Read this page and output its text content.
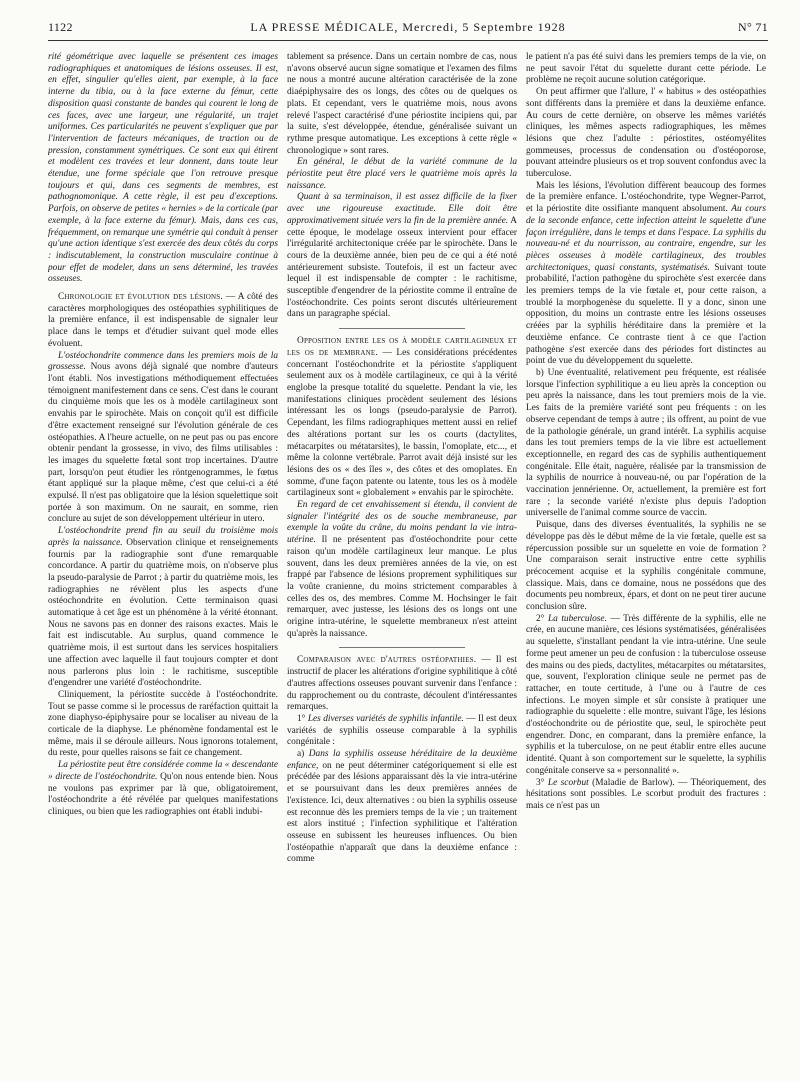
1122	LA PRESSE MÉDICALE, Mercredi, 5 Septembre 1928	N° 71

rité géométrique avec laquelle se présentent ces images radiographiques et anatomiques de lésions osseuses. Il est, en effet, singulier qu'elles aient, par exemple, à la face interne du tibia, ou à la face externe du fémur, cette disposition quasi constante de bandes qui courent le long de ces faces, avec une largeur, une régularité, un trajet uniformes. Ces particularités ne peuvent s'expliquer que par l'intervention de facteurs mécaniques, de traction ou de pression, constamment symétriques. Ce sont eux qui étirent et modèlent ces travées et leur donnent, dans toute leur étendue, une forme spéciale que l'on retrouve presque toujours et qui, dans ces segments de membres, est pathognomonique. A cette règle, il est peu d'exceptions. Parfois, on observe de petites « hernies » de la corticale (par exemple, à la face externe du fémur). Mais, dans ces cas, fréquemment, on remarque une symétrie qui conduit à penser qu'une action identique s'est exercée des deux côtés du corps : indiscutablement, la construction musculaire continue à pour effet de modeler, dans un sens déterminé, les travées osseuses.

Chronologie et évolution des lésions. — A côté des caractères morphologiques des ostéopathies syphilitiques de la première enfance, il est indispensable de signaler leur place dans le temps et d'étudier suivant quel mode elles évoluent.

L'ostéochondrite commence dans les premiers mois de la grossesse. Nous avons déjà signalé que nombre d'auteurs l'ont établi. Nos investigations méthodiquement effectuées témoignent manifestement dans ce sens. C'est dans le courant du cinquième mois que les os à modèle cartilagineux sont envahis par le spirochète. Mais on conçoit qu'il est difficile d'être exactement renseigné sur l'évolution générale de ces ostéopathies. A l'heure actuelle, on ne peut pas ou pas encore obtenir pendant la grossesse, in vivo, des films utilisables : les images du squelette fœtal sont trop incertaines. D'autre part, lorsqu'on peut étudier les röntgenogrammes, le fœtus étant appliqué sur la plaque même, c'est que celui-ci a été expulsé. Il n'est pas obligatoire que la lésion squelettique soit portée à son maximum. On ne saurait, en somme, rien conclure au sujet de son développement ultérieur in utero.

L'ostéochondrite prend fin au seuil du troisième mois après la naissance. Observation clinique et renseignements fournis par la radiographie sont d'une remarquable concordance. A partir du quatrième mois, on n'observe plus la pseudo-paralysie de Parrot ; à partir du quatrième mois, les radiographies ne révèlent plus les aspects d'une ostéochondrite en évolution. Cette terminaison quasi automatique à cet âge est un phénomène à la vérité étonnant. Nous ne savons pas en donner des raisons exactes. Mais le fait est indiscutable. Au surplus, quand commence le quatrième mois, il est surtout dans les services hospitaliers une affection avec laquelle il faut toujours compter et dont nous parlerons plus loin : le rachitisme, susceptible d'engendrer une variété d'ostéochondrite.

Cliniquement, la périostite succède à l'ostéochondrite. Tout se passe comme si le processus de raréfaction quittait la zone diaphyso-épiphysaire pour se localiser au niveau de la corticale de la diaphyse. Le phénomène fondamental est le même, mais il se déroule ailleurs. Nous ignorons totalement, du reste, pour quelles raisons se fait ce changement.

La périostite peut être considérée comme la « descendante » directe de l'ostéochondrite. Qu'on nous entende bien. Nous ne voulons pas exprimer par là que, obligatoirement, l'ostéochondrite a été révélée par quelques manifestations cliniques, ou bien que les radiographies ont établi indubi-

tablement sa présence. Dans un certain nombre de cas, nous n'avons observé aucun signe somatique et l'examen des films ne nous a montré aucune altération caractérisée de la zone diaépiphysaire des os longs, des côtes ou de quelques os plats. Et cependant, vers le quatrième mois, nous avons relevé l'aspect caractérisé d'une périostite incipiens qui, par la suite, s'est développée, étendue, généralisée suivant un rythme presque automatique. Les exceptions à cette règle « chronologique » sont rares.

En général, le début de la variété commune de la périostite peut être placé vers le quatrième mois après la naissance.

Quant à sa terminaison, il est assez difficile de la fixer avec une rigoureuse exactitude. Elle doit être approximativement située vers la fin de la première année. A cette époque, le modelage osseux intervient pour effacer l'irrégularité architectonique créée par le spirochète. Dans le cours de la deuxième année, bien peu de ce qui a été noté antérieurement subsiste. Toutefois, il est un facteur avec lequel il est indispensable de compter : le rachitisme, susceptible d'engendrer de la périostite comme il entraîne de l'ostéochondrite. Ces points seront discutés ultérieurement dans un paragraphe spécial.

Opposition entre les os à modèle cartilagineux et les os de membrane. — Les considérations précédentes concernant l'ostéochondrite et la périostite s'appliquent seulement aux os à modèle cartilagineux, ce qui à la vérité englobe la presque totalité du squelette. Pendant la vie, les manifestations cliniques procèdent seulement des lésions intéressant les os longs (pseudo-paralysie de Parrot). Cependant, les films radiographiques mettent aussi en relief des altérations portant sur les os courts (dactylites, métacarpites ou métatarsites), le bassin, l'omoplate, etc..., et même la colonne vertébrale. Parrot avait déjà insisté sur les lésions des os « des îles », des côtes et des omoplates. En somme, d'une façon patente ou latente, tous les os à modèle cartilagineux sont « globalement » envahis par le spirochète.

En regard de cet envahissement si étendu, il convient de signaler l'intégrité des os de souche membraneuse, par exemple la voûte du crâne, du moins pendant la vie intra-utérine. Il ne présentent pas d'ostéochondrite pour cette raison qu'un modèle cartilagineux leur manque. Le plus souvent, dans les deux premières années de la vie, on est frappé par l'absence de lésions proprement syphilitiques sur la voûte cranienne, du moins strictement comparables à celles des os, des membres. Comme M. Hochsinger le fait remarquer, avec justesse, les lésions des os longs ont une origine intra-utérine, le squelette membraneux n'est atteint qu'après la naissance.

Comparaison avec d'autres ostéopathies. — Il est instructif de placer les altérations d'origine syphilitique à côté d'autres affections osseuses pouvant survenir dans l'enfance : du rapprochement ou du contraste, découlent d'intéressantes remarques.

1° Les diverses variétés de syphilis infantile. — Il est deux variétés de syphilis osseuse comparable à la syphilis congénitale :

a) Dans la syphilis osseuse héréditaire de la deuxième enfance, on ne peut déterminer catégoriquement si elle est précédée par des lésions apparaissant dès la vie intra-utérine et se poursuivant dans les deux premières années de l'existence. Ici, deux alternatives : ou bien la syphilis osseuse est reconnue dès les premiers temps de la vie ; un traitement est alors institué ; l'infection syphilitique et l'altération osseuse en subissent les heureuses influences. Ou bien l'ostéopathie n'apparaît que dans la deuxième enfance : comme

le patient n'a pas été suivi dans les premiers temps de la vie, on ne peut savoir l'état du squelette durant cette période. Le problème ne reçoit aucune solution catégorique.

On peut affirmer que l'allure, l' « habitus » des ostéopathies sont différents dans la première et dans la deuxième enfance. Au cours de cette dernière, on observe les mêmes variétés cliniques, les mêmes aspects radiographiques, les mêmes lésions que chez l'adulte : périostites, ostéomyélites gommeuses, processus de condensation ou d'ostéoporose, pouvant atteindre plusieurs os et trop souvent confondus avec la tuberculose.

Mais les lésions, l'évolution diffèrent beaucoup des formes de la première enfance. L'ostéochondrite, type Wegner-Parrot, et la périostite dite ossifiante manquent absolument. Au cours de la seconde enfance, cette infection atteint le squelette d'une façon irrégulière, dans le temps et dans l'espace. La syphilis du nouveau-né et du nourrisson, au contraire, engendre, sur les pièces osseuses à modèle cartilagineux, des troubles architectoniques, quasi constants, systématisés. Suivant toute probabilité, l'action pathogène du spirochète s'est exercée dans les premiers temps de la vie fœtale et, pour cette raison, a troublé la morphogenèse du squelette. Il y a donc, sinon une opposition, du moins un contraste entre les lésions osseuses créées par la syphilis héréditaire dans la première et la deuxième enfance. Ce contraste tient à ce que l'action pathogène s'est exercée dans des périodes fort distinctes au point de vue du développement du squelette.

b) Une éventualité, relativement peu fréquente, est réalisée lorsque l'infection syphilitique a eu lieu après la conception ou peu après la naissance, dans les tout premiers mois de la vie. Les faits de la première variété sont peu fréquents : on les observe cependant de temps à autre ; ils offrent, au point de vue de la pathologie générale, un grand intérêt. La syphilis acquise dans les tout premiers temps de la vie libre est actuellement exceptionnelle, en regard des cas de syphilis authentiquement congénitale. Elle était, naguère, réalisée par la transmission de la syphilis de nourrice à nouveau-né, ou par l'opération de la vaccination jennérienne. Or, actuellement, la première est fort rare ; la seconde variété n'existe plus depuis l'adoption universelle de l'animal comme source de vaccin.

Puisque, dans des diverses éventualités, la syphilis ne se développe pas dès le début même de la vie fœtale, quelle est sa répercussion possible sur un squelette en voie de formation ? Une comparaison serait instructive entre cette syphilis précocement acquise et la syphilis congénitale commune, classique. Mais, dans ce domaine, nous ne possédons que des documents peu nombreux, épars, et dont on ne peut tirer aucune conclusion sûre.

2° La tuberculose. — Très différente de la syphilis, elle ne crée, en aucune manière, ces lésions systématisées, généralisées au squelette, s'installant pendant la vie intra-utérine. Une seule forme peut amener un peu de confusion : la tuberculose osseuse des mains ou des pieds, dactylites, métacarpites ou métatarsites, que, souvent, l'exploration clinique seule ne permet pas de rattacher, en toute certitude, à l'une ou à l'autre de ces infections. Le moyen simple et sûr consiste à pratiquer une radiographie du squelette : elle montre, suivant l'âge, les lésions d'ostéochondrite ou de périostite que, seul, le spirochète peut engendrer. Donc, en comparant, dans la première enfance, la syphilis et la tuberculose, on ne peut établir entre elles aucune identité. Quant à son comportement sur le squelette, la syphilis congénitale conserve sa « personnalité ».

3° Le scorbut (Maladie de Barlow). — Théoriquement, des hésitations sont possibles. Le scorbut produit des fractures : mais ce n'est pas un
